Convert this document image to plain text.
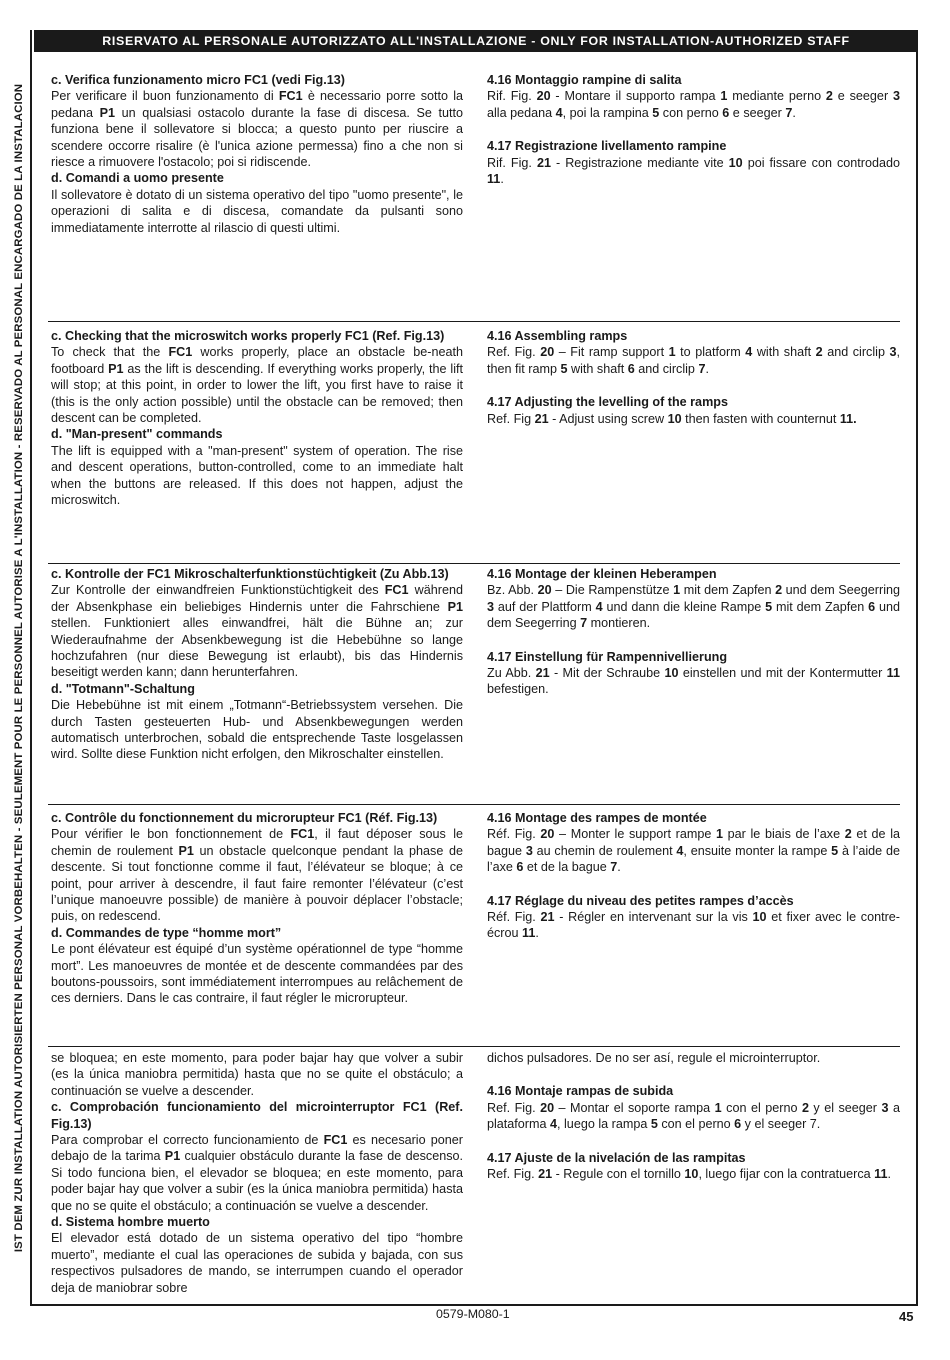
IST DEM ZUR INSTALLATION AUTORISIERTEN PERSONAL VORBEHALTEN - SEULEMENT POUR LE PERSONNEL AUTORISE A L'INSTALLATION - RESERVADO AL PERSONAL ENCARGADO DE LA INSTALACION
RISERVATO AL PERSONALE AUTORIZZATO ALL'INSTALLAZIONE - ONLY FOR INSTALLATION-AUTHORIZED STAFF

c. Verifica funzionamento micro FC1 (vedi Fig.13)

Per verificare il buon funzionamento di FC1 è necessario porre sotto la pedana P1 un qualsiasi ostacolo durante la fase di discesa. Se tutto funziona bene il sollevatore si blocca; a questo punto per riuscire a scendere occorre risalire (è l'unica azione permessa) fino a che non si riesce a rimuovere l'ostacolo; poi si ridiscende.

d. Comandi a uomo presente

Il sollevatore è dotato di un sistema operativo del tipo "uomo presente", le operazioni di salita e di discesa, comandate da pulsanti sono immediatamente interrotte al rilascio di questi ultimi.

4.16 Montaggio rampine di salita

Rif. Fig. 20 - Montare il supporto rampa 1 mediante perno 2 e seeger 3 alla pedana 4, poi la rampina 5 con perno 6 e seeger 7.

4.17 Registrazione livellamento rampine

Rif. Fig. 21 - Registrazione mediante vite 10 poi fissare con controdado 11.

c. Checking that the microswitch works properly FC1 (Ref. Fig.13)

To check that the FC1 works properly, place an obstacle be-neath footboard P1 as the lift is descending. If everything works properly, the lift will stop; at this point, in order to lower the lift, you first have to raise it (this is the only action possible) until the obstacle can be removed; then descent can be completed.

d. "Man-present" commands

The lift is equipped with a "man-present" system of operation. The rise and descent operations, button-controlled, come to an immediate halt when the buttons are released. If this does not happen, adjust the microswitch.

4.16 Assembling ramps

Ref. Fig. 20 – Fit ramp support 1 to platform 4 with shaft 2 and circlip 3, then fit ramp 5 with shaft 6 and circlip 7.

4.17 Adjusting the levelling of the ramps

Ref. Fig 21 - Adjust using screw 10 then fasten with counternut 11.

c. Kontrolle der FC1 Mikroschalterfunktionstüchtigkeit (Zu Abb.13)

Zur Kontrolle der einwandfreien Funktionstüchtigkeit des FC1 während der Absenkphase ein beliebiges Hindernis unter die Fahrschiene P1 stellen. Funktioniert alles einwandfrei, hält die Bühne an; zur Wiederaufnahme der Absenkbewegung ist die Hebebühne so lange hochzufahren (nur diese Bewegung ist erlaubt), bis das Hindernis beseitigt werden kann; dann herunterfahren.

d. "Totmann"-Schaltung

Die Hebebühne ist mit einem „Totmann“-Betriebssystem versehen. Die durch Tasten gesteuerten Hub- und Absenkbewegungen werden automatisch unterbrochen, sobald die entsprechende Taste losgelassen wird. Sollte diese Funktion nicht erfolgen, den Mikroschalter einstellen.

4.16 Montage der kleinen Heberampen

Bz. Abb. 20 – Die Rampenstütze 1 mit dem Zapfen 2 und dem Seegerring 3 auf der Plattform 4 und dann die kleine Rampe 5 mit dem Zapfen 6 und dem Seegerring 7 montieren.

4.17 Einstellung für Rampennivellierung

Zu Abb. 21 - Mit der Schraube 10 einstellen und mit der Kontermutter 11 befestigen.

c. Contrôle du fonctionnement du microrupteur FC1 (Réf. Fig.13)

Pour vérifier le bon fonctionnement de FC1, il faut déposer sous le chemin de roulement P1 un obstacle quelconque pendant la phase de descente. Si tout fonctionne comme il faut, l’élévateur se bloque; à ce point, pour arriver à descendre, il faut faire remonter l’élévateur (c’est l’unique manoeuvre possible) de manière à pouvoir déplacer l’obstacle; puis, on redescend.

d. Commandes de type “homme mort”

Le pont élévateur est équipé d’un système opérationnel de type “homme mort”. Les manoeuvres de montée et de descente commandées par des boutons-poussoirs, sont immédiatement interrompues au relâchement de ces derniers. Dans le cas contraire, il faut régler le microrupteur.

4.16 Montage des rampes de montée

Réf. Fig. 20 – Monter le support rampe 1 par le biais de l’axe 2 et de la bague 3 au chemin de roulement 4, ensuite monter la rampe 5 à l’aide de l’axe 6 et de la bague 7.

4.17 Réglage du niveau des petites rampes d’accès

Réf. Fig. 21 - Régler en intervenant sur la vis 10 et fixer avec le contre-écrou 11.

se bloquea; en este momento, para poder bajar hay que volver a subir (es la única maniobra permitida) hasta que no se quite el obstáculo; a continuación se vuelve a descender.

c. Comprobación funcionamiento del microinterruptor FC1 (Ref. Fig.13)

Para comprobar el correcto funcionamiento de FC1 es necesario poner debajo de la tarima P1 cualquier obstáculo durante la fase de descenso. Si todo funciona bien, el elevador se bloquea; en este momento, para poder bajar hay que volver a subir (es la única maniobra permitida) hasta que no se quite el obstáculo; a continuación se vuelve a descender.

d. Sistema hombre muerto

El elevador está dotado de un sistema operativo del tipo “hombre muerto”, mediante el cual las operaciones de subida y bajada, con sus respectivos pulsadores de mando, se interrumpen cuando el operador deja de maniobrar sobre

dichos pulsadores. De no ser así, regule el microinterruptor.

4.16 Montaje rampas de subida

Ref. Fig. 20 – Montar el soporte rampa 1 con el perno 2 y el seeger 3 a plataforma 4, luego la rampa 5 con el perno 6 y el seeger 7.

4.17 Ajuste de la nivelación de las rampitas

Ref. Fig. 21 - Regule con el tornillo 10, luego fijar con la contratuerca 11.

0579-M080-1	45
